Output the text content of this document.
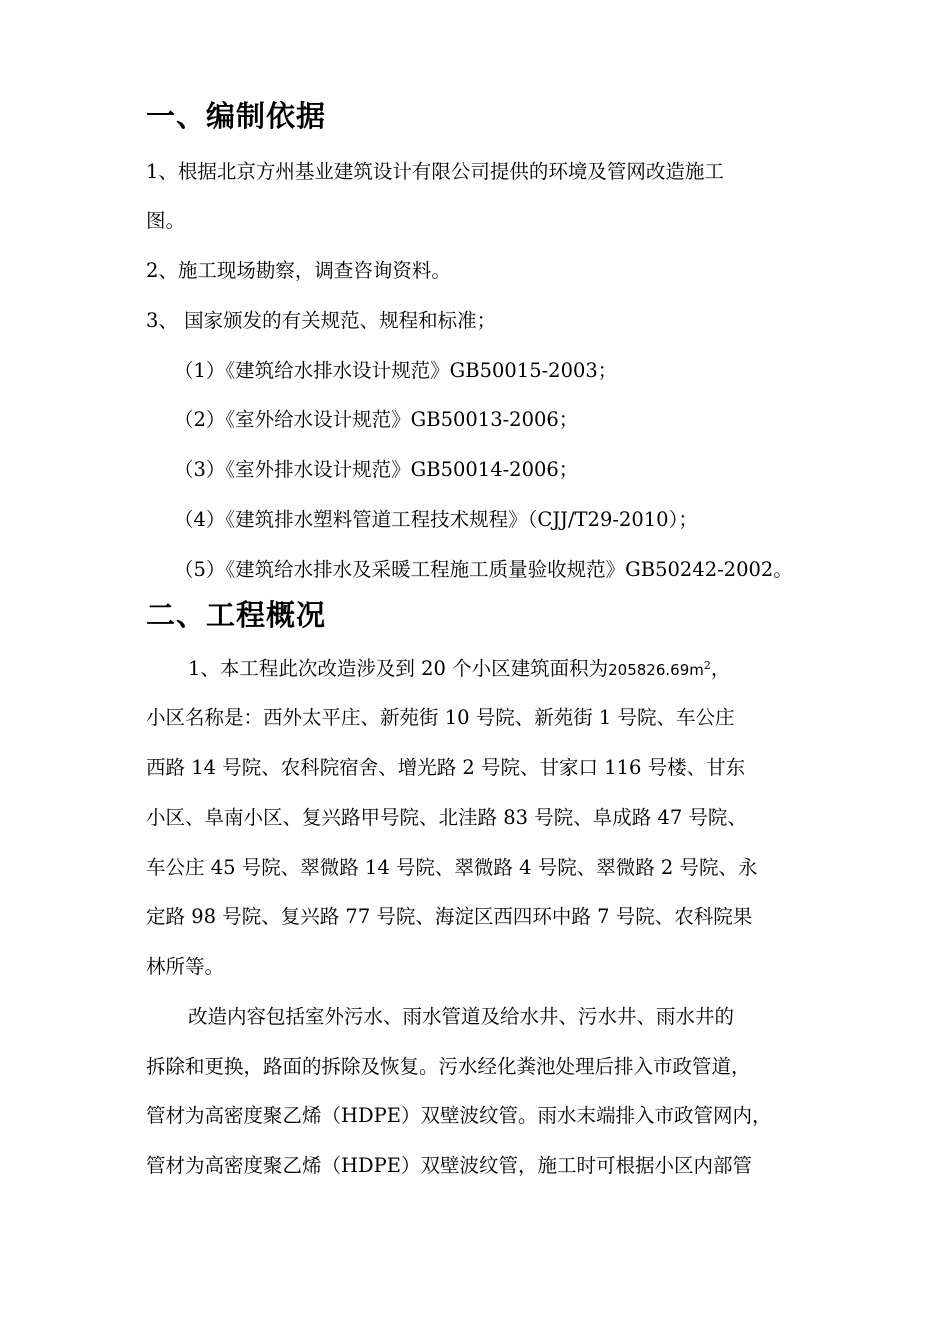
一、编制依据
1、根据北京方州基业建筑设计有限公司提供的环境及管网改造施工
图。
2、施工现场勘察，调查咨询资料。
3、 国家颁发的有关规范、规程和标准；
（1）《建筑给水排水设计规范》GB50015-2003；
（2）《室外给水设计规范》GB50013-2006；
（3）《室外排水设计规范》GB50014-2006；
（4）《建筑排水塑料管道工程技术规程》（CJJ/T29-2010）；
（5）《建筑给水排水及采暖工程施工质量验收规范》GB50242-2002。
二、工程概况
1、本工程此次改造涉及到 20 个小区建筑面积为$205826.69m^2$，
小区名称是：西外太平庄、新苑街 10 号院、新苑街 1 号院、车公庄
西路 14 号院、农科院宿舍、增光路 2 号院、甘家口 116 号楼、甘东
小区、阜南小区、复兴路甲号院、北洼路 83 号院、阜成路 47 号院、
车公庄 45 号院、翠微路 14 号院、翠微路 4 号院、翠微路 2 号院、永
定路 98 号院、复兴路 77 号院、海淀区西四环中路 7 号院、农科院果
林所等。
改造内容包括室外污水、雨水管道及给水井、污水井、雨水井的
拆除和更换，路面的拆除及恢复。污水经化粪池处理后排入市政管道，
管材为高密度聚乙烯（HDPE）双壁波纹管。雨水末端排入市政管网内，
管材为高密度聚乙烯（HDPE）双壁波纹管，施工时可根据小区内部管
